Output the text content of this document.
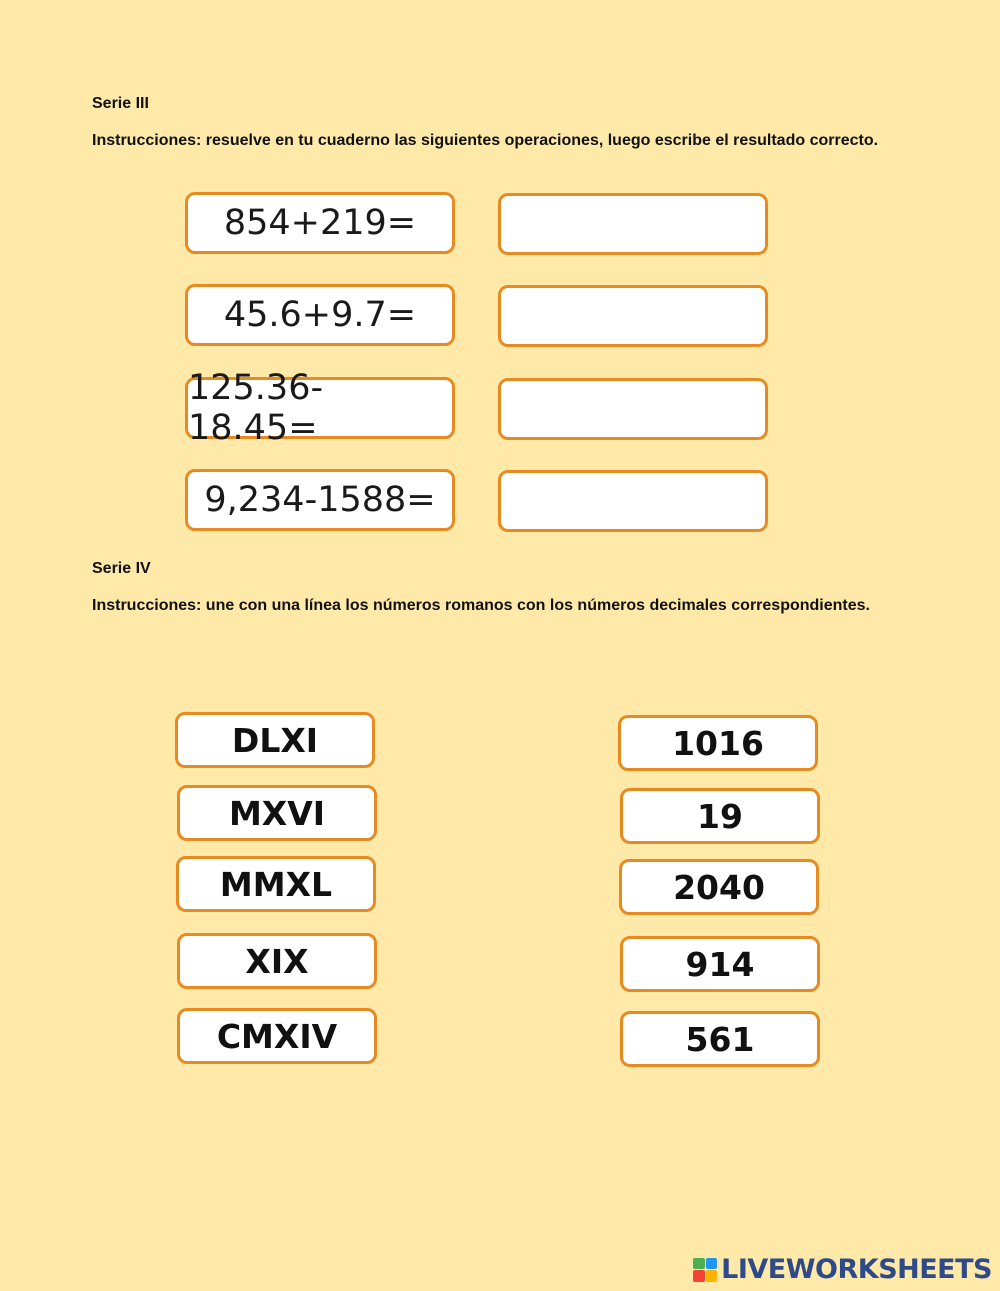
Serie III
Instrucciones: resuelve en tu cuaderno las siguientes operaciones, luego escribe el resultado correcto.
854+219=
45.6+9.7=
125.36-18.45=
9,234-1588=
Serie IV
Instrucciones: une con una línea los números romanos con los números decimales correspondientes.
DLXI
MXVI
MMXL
XIX
CMXIV
1016
19
2040
914
561
LIVEWORKSHEETS
